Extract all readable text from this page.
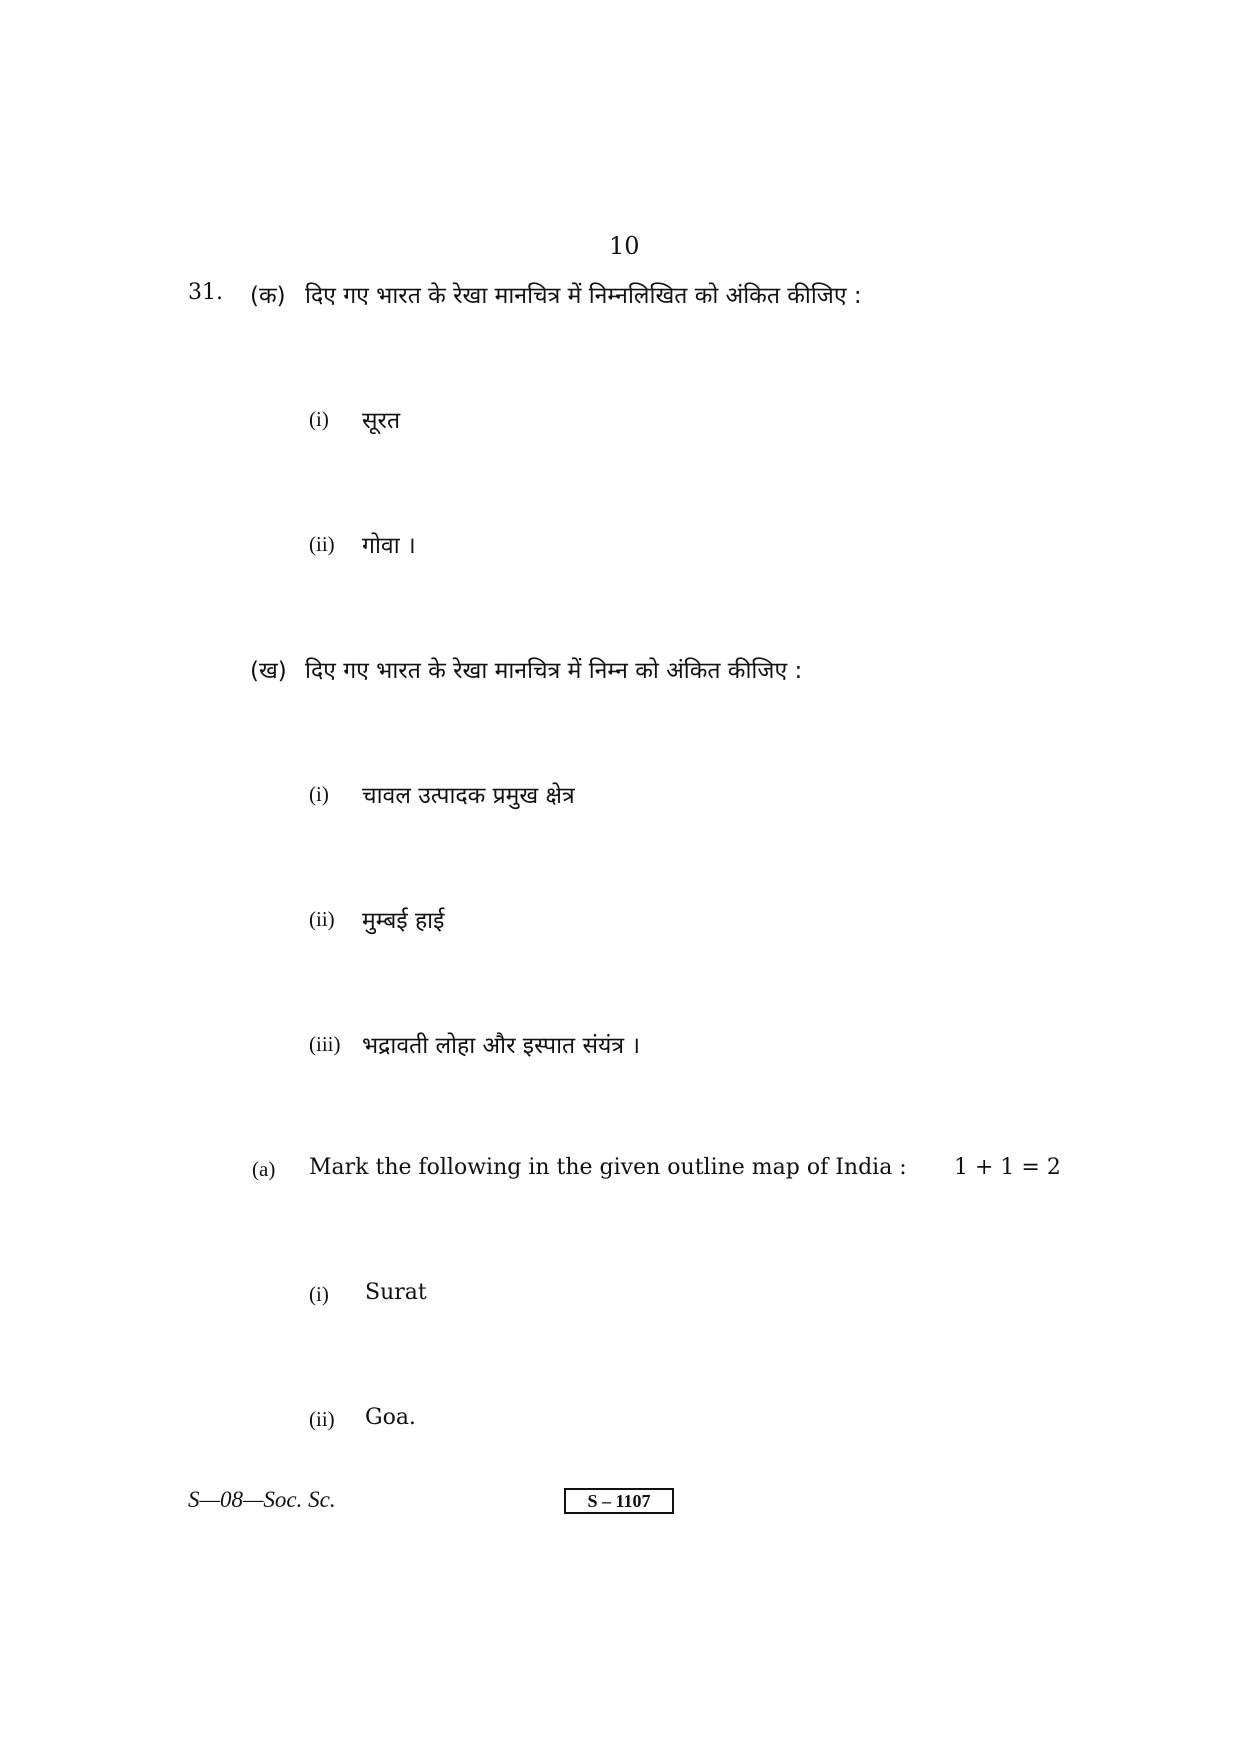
10
31. (क) दिए गए भारत के रेखा मानचित्र में निम्नलिखित को अंकित कीजिए :
(i) सूरत
(ii) गोवा ।
(ख) दिए गए भारत के रेखा मानचित्र में निम्न को अंकित कीजिए :
(i) चावल उत्पादक प्रमुख क्षेत्र
(ii) मुम्बई हाई
(iii) भद्रावती लोहा और इस्पात संयंत्र ।
(a) Mark the following in the given outline map of India : 1 + 1 = 2
(i) Surat
(ii) Goa.
S—08—Soc. Sc.	S – 1107
